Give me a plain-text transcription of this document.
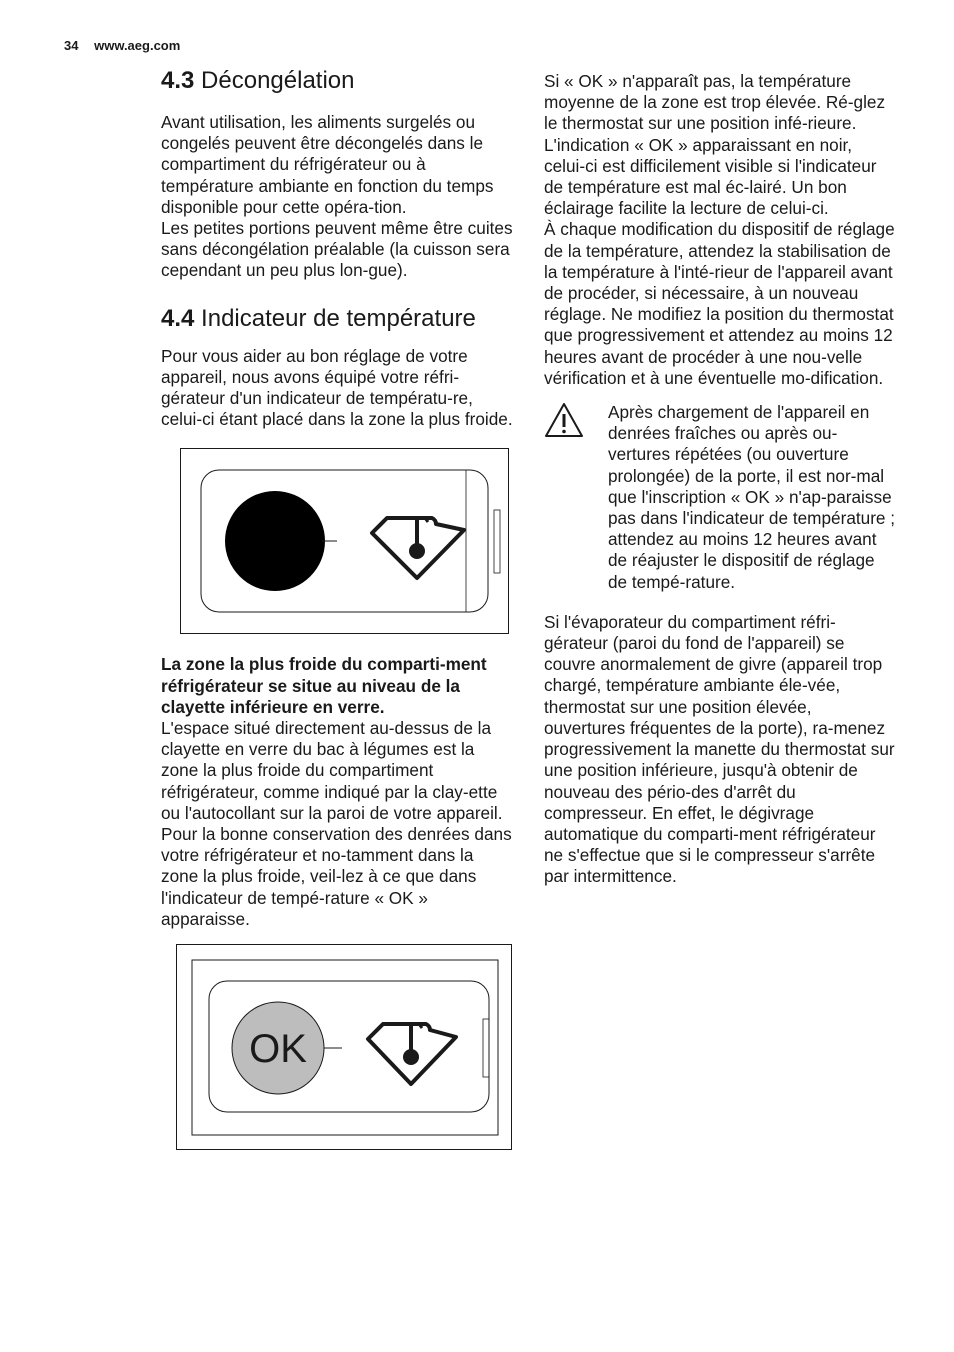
34 www.aeg.com
4.3 Décongélation

Avant utilisation, les aliments surgelés ou congelés peuvent être décongelés dans le compartiment du réfrigérateur ou à température ambiante en fonction du temps disponible pour cette opéra-tion.

Les petites portions peuvent même être cuites sans décongélation préalable (la cuisson sera cependant un peu plus lon-gue).

4.4 Indicateur de température

Pour vous aider au bon réglage de votre appareil, nous avons équipé votre réfri-gérateur d'un indicateur de températu-re, celui-ci étant placé dans la zone la plus froide.

La zone la plus froide du comparti-ment réfrigérateur se situe au niveau de la clayette inférieure en verre.

L'espace situé directement au-dessus de la clayette en verre du bac à légumes est la zone la plus froide du compartiment réfrigérateur, comme indiqué par la clay-ette ou l'autocollant sur la paroi de votre appareil. Pour la bonne conservation des denrées dans votre réfrigérateur et no-tamment dans la zone la plus froide, veil-lez à ce que dans l'indicateur de tempé-rature « OK » apparaisse.

OK

Si « OK » n'apparaît pas, la température moyenne de la zone est trop élevée. Ré-glez le thermostat sur une position infé-rieure. L'indication « OK » apparaissant en noir, celui-ci est difficilement visible si l'indicateur de température est mal éc-lairé. Un bon éclairage facilite la lecture de celui-ci.

À chaque modification du dispositif de réglage de la température, attendez la stabilisation de la température à l'inté-rieur de l'appareil avant de procéder, si nécessaire, à un nouveau réglage. Ne modifiez la position du thermostat que progressivement et attendez au moins 12 heures avant de procéder à une nou-velle vérification et à une éventuelle mo-dification.

Après chargement de l'appareil en denrées fraîches ou après ou-vertures répétées (ou ouverture prolongée) de la porte, il est nor-mal que l'inscription « OK » n'ap-paraisse pas dans l'indicateur de température ; attendez au moins 12 heures avant de réajuster le dispositif de réglage de tempé-rature.

Si l'évaporateur du compartiment réfri-gérateur (paroi du fond de l'appareil) se couvre anormalement de givre (appareil trop chargé, température ambiante éle-vée, thermostat sur une position élevée, ouvertures fréquentes de la porte), ra-menez progressivement la manette du thermostat sur une position inférieure, jusqu'à obtenir de nouveau des pério-des d'arrêt du compresseur. En effet, le dégivrage automatique du comparti-ment réfrigérateur ne s'effectue que si le compresseur s'arrête par intermittence.
